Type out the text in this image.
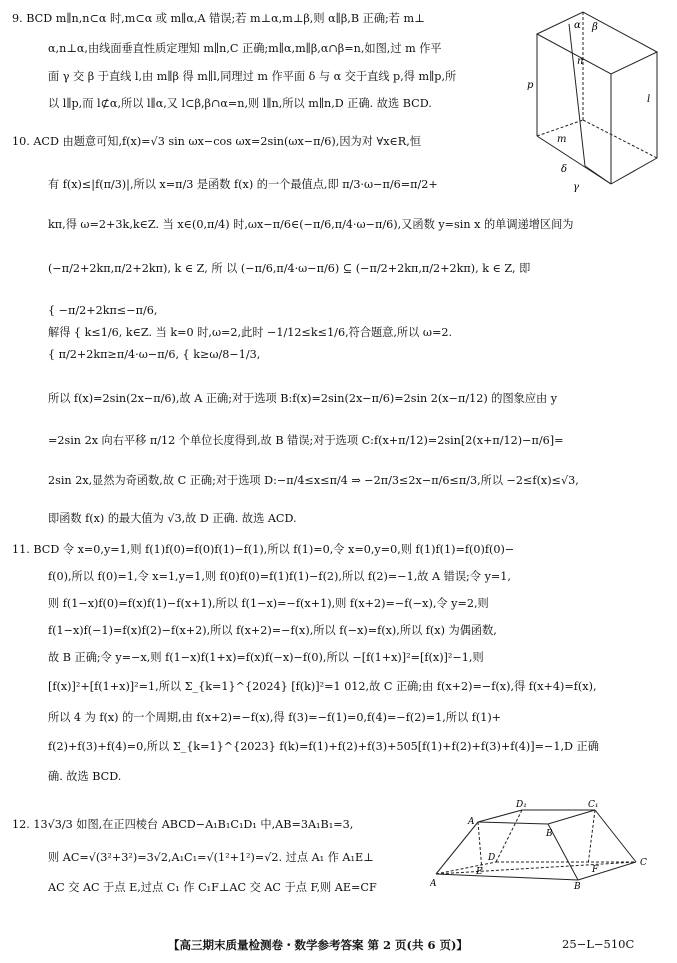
9. BCD m∥n,n⊂α 时,m⊂α 或 m∥α,A 错误;若 m⊥α,m⊥β,则 α∥β,B 正确;若 m⊥
α,n⊥α,由线面垂直性质定理知 m∥n,C 正确;m∥α,m∥β,α∩β=n,如图,过 m 作平
面 γ 交 β 于直线 l,由 m∥β 得 m∥l,同理过 m 作平面 δ 与 α 交于直线 p,得 m∥p,所
以 l∥p,而 l⊄α,所以 l∥α,又 l⊂β,β∩α=n,则 l∥n,所以 m∥n,D 正确. 故选 BCD.
α β
n
p
l
m
δ
γ
10. ACD 由题意可知,f(x)=√3 sin ωx−cos ωx=2sin(ωx−π/6),因为对 ∀x∈R,恒
有 f(x)≤|f(π/3)|,所以 x=π/3 是函数 f(x) 的一个最值点,即 π/3·ω−π/6=π/2+
kπ,得 ω=2+3k,k∈Z. 当 x∈(0,π/4) 时,ωx−π/6∈(−π/6,π/4·ω−π/6),又函数 y=sin x 的单调递增区间为
(−π/2+2kπ,π/2+2kπ), k ∈ Z, 所 以 (−π/6,π/4·ω−π/6) ⊆ (−π/2+2kπ,π/2+2kπ), k ∈ Z, 即
{ −π/2+2kπ≤−π/6,
解得 { k≤1/6, k∈Z. 当 k=0 时,ω=2,此时 −1/12≤k≤1/6,符合题意,所以 ω=2.
{ π/2+2kπ≥π/4·ω−π/6, { k≥ω/8−1/3,
所以 f(x)=2sin(2x−π/6),故 A 正确;对于选项 B:f(x)=2sin(2x−π/6)=2sin 2(x−π/12) 的图象应由 y
=2sin 2x 向右平移 π/12 个单位长度得到,故 B 错误;对于选项 C:f(x+π/12)=2sin[2(x+π/12)−π/6]=
2sin 2x,显然为奇函数,故 C 正确;对于选项 D:−π/4≤x≤π/4 ⇒ −2π/3≤2x−π/6≤π/3,所以 −2≤f(x)≤√3,
即函数 f(x) 的最大值为 √3,故 D 正确. 故选 ACD.
11. BCD 令 x=0,y=1,则 f(1)f(0)=f(0)f(1)−f(1),所以 f(1)=0,令 x=0,y=0,则 f(1)f(1)=f(0)f(0)−
f(0),所以 f(0)=1,令 x=1,y=1,则 f(0)f(0)=f(1)f(1)−f(2),所以 f(2)=−1,故 A 错误;令 y=1,
则 f(1−x)f(0)=f(x)f(1)−f(x+1),所以 f(1−x)=−f(x+1),则 f(x+2)=−f(−x),令 y=2,则
f(1−x)f(−1)=f(x)f(2)−f(x+2),所以 f(x+2)=−f(x),所以 f(−x)=f(x),所以 f(x) 为偶函数,
故 B 正确;令 y=−x,则 f(1−x)f(1+x)=f(x)f(−x)−f(0),所以 −[f(1+x)]²=[f(x)]²−1,则
[f(x)]²+[f(1+x)]²=1,所以 Σ_{k=1}^{2024} [f(k)]²=1 012,故 C 正确;由 f(x+2)=−f(x),得 f(x+4)=f(x),
所以 4 为 f(x) 的一个周期,由 f(x+2)=−f(x),得 f(3)=−f(1)=0,f(4)=−f(2)=1,所以 f(1)+
f(2)+f(3)+f(4)=0,所以 Σ_{k=1}^{2023} f(k)=f(1)+f(2)+f(3)+505[f(1)+f(2)+f(3)+f(4)]=−1,D 正确
确. 故选 BCD.
12. 13√3/3 如图,在正四棱台 ABCD−A₁B₁C₁D₁ 中,AB=3A₁B₁=3,
则 AC=√(3²+3²)=3√2,A₁C₁=√(1²+1²)=√2. 过点 A₁ 作 A₁E⊥
AC 交 AC 于点 E,过点 C₁ 作 C₁F⊥AC 交 AC 于点 F,则 AE=CF
D₁	C₁
A
B
D	C
E	F
A	B
【高三期末质量检测卷・数学参考答案 第 2 页(共 6 页)】	25−L−510C
